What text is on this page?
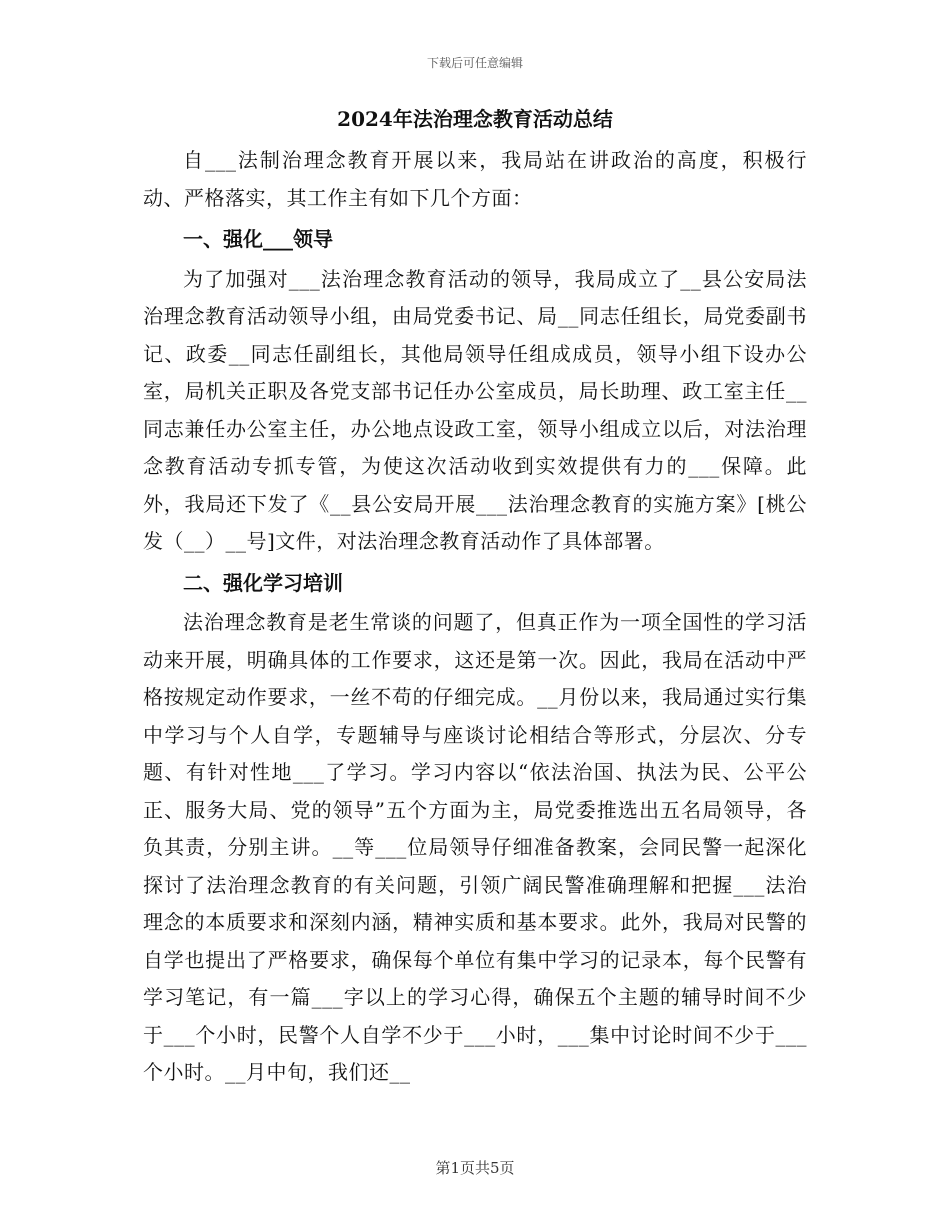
下载后可任意编辑
2024年法治理念教育活动总结

自___法制治理念教育开展以来，我局站在讲政治的高度，积极行动、严格落实，其工作主有如下几个方面：

一、强化___领导

为了加强对___法治理念教育活动的领导，我局成立了__县公安局法治理念教育活动领导小组，由局党委书记、局__同志任组长，局党委副书记、政委__同志任副组长，其他局领导任组成成员，领导小组下设办公室，局机关正职及各党支部书记任办公室成员，局长助理、政工室主任__同志兼任办公室主任，办公地点设政工室，领导小组成立以后，对法治理念教育活动专抓专管，为使这次活动收到实效提供有力的___保障。此外，我局还下发了《__县公安局开展___法治理念教育的实施方案》[桃公发（__）__号]文件，对法治理念教育活动作了具体部署。

二、强化学习培训

法治理念教育是老生常谈的问题了，但真正作为一项全国性的学习活动来开展，明确具体的工作要求，这还是第一次。因此，我局在活动中严格按规定动作要求，一丝不苟的仔细完成。__月份以来，我局通过实行集中学习与个人自学，专题辅导与座谈讨论相结合等形式，分层次、分专题、有针对性地___了学习。学习内容以“依法治国、执法为民、公平公正、服务大局、党的领导”五个方面为主，局党委推选出五名局领导，各负其责，分别主讲。__等___位局领导仔细准备教案，会同民警一起深化探讨了法治理念教育的有关问题，引领广阔民警准确理解和把握___法治理念的本质要求和深刻内涵，精神实质和基本要求。此外，我局对民警的自学也提出了严格要求，确保每个单位有集中学习的记录本，每个民警有学习笔记，有一篇___字以上的学习心得，确保五个主题的辅导时间不少于___个小时，民警个人自学不少于___小时，___集中讨论时间不少于___个小时。__月中旬，我们还__

第1页共5页
